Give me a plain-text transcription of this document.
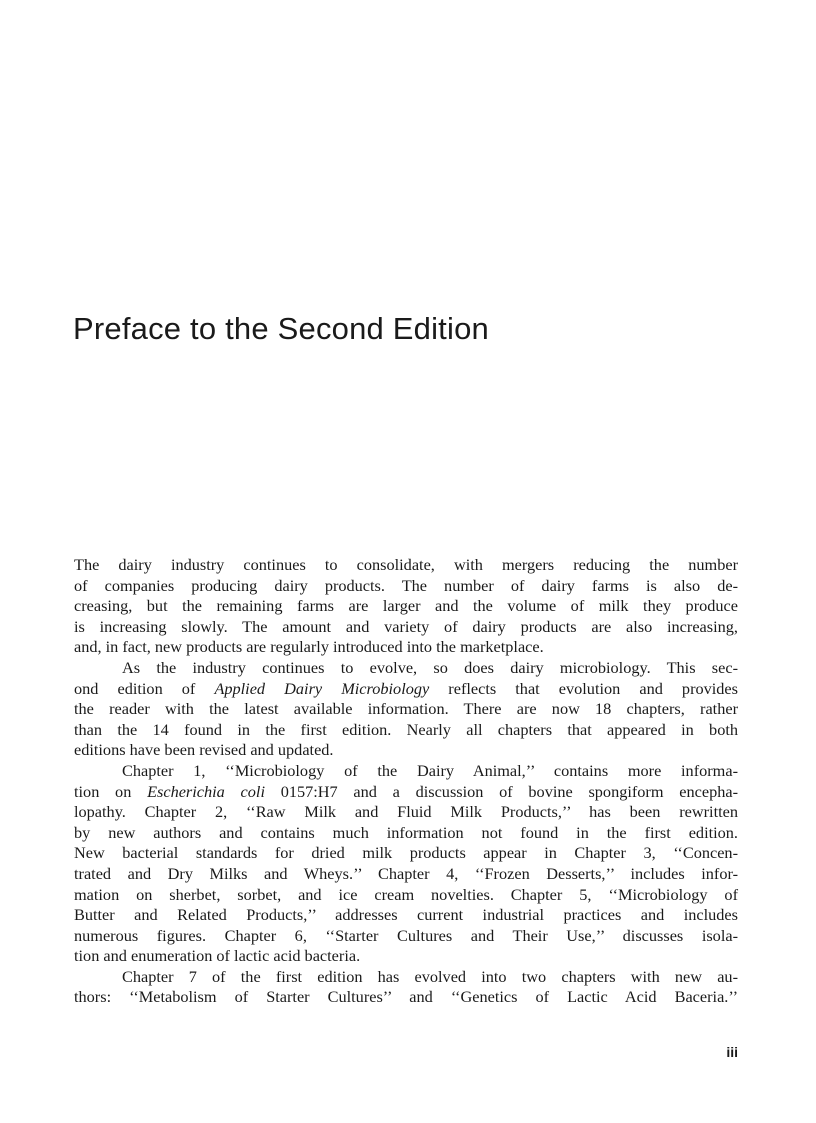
Preface to the Second Edition

The dairy industry continues to consolidate, with mergers reducing the number

of companies producing dairy products. The number of dairy farms is also de-

creasing, but the remaining farms are larger and the volume of milk they produce

is increasing slowly. The amount and variety of dairy products are also increasing,

and, in fact, new products are regularly introduced into the marketplace.

As the industry continues to evolve, so does dairy microbiology. This sec-

ond edition of Applied Dairy Microbiology reflects that evolution and provides

the reader with the latest available information. There are now 18 chapters, rather

than the 14 found in the first edition. Nearly all chapters that appeared in both

editions have been revised and updated.

Chapter 1, ‘‘Microbiology of the Dairy Animal,’’ contains more informa-

tion on Escherichia coli 0157:H7 and a discussion of bovine spongiform encepha-

lopathy. Chapter 2, ‘‘Raw Milk and Fluid Milk Products,’’ has been rewritten

by new authors and contains much information not found in the first edition.

New bacterial standards for dried milk products appear in Chapter 3, ‘‘Concen-

trated and Dry Milks and Wheys.’’ Chapter 4, ‘‘Frozen Desserts,’’ includes infor-

mation on sherbet, sorbet, and ice cream novelties. Chapter 5, ‘‘Microbiology of

Butter and Related Products,’’ addresses current industrial practices and includes

numerous figures. Chapter 6, ‘‘Starter Cultures and Their Use,’’ discusses isola-

tion and enumeration of lactic acid bacteria.

Chapter 7 of the first edition has evolved into two chapters with new au-

thors: ‘‘Metabolism of Starter Cultures’’ and ‘‘Genetics of Lactic Acid Baceria.’’

iii
